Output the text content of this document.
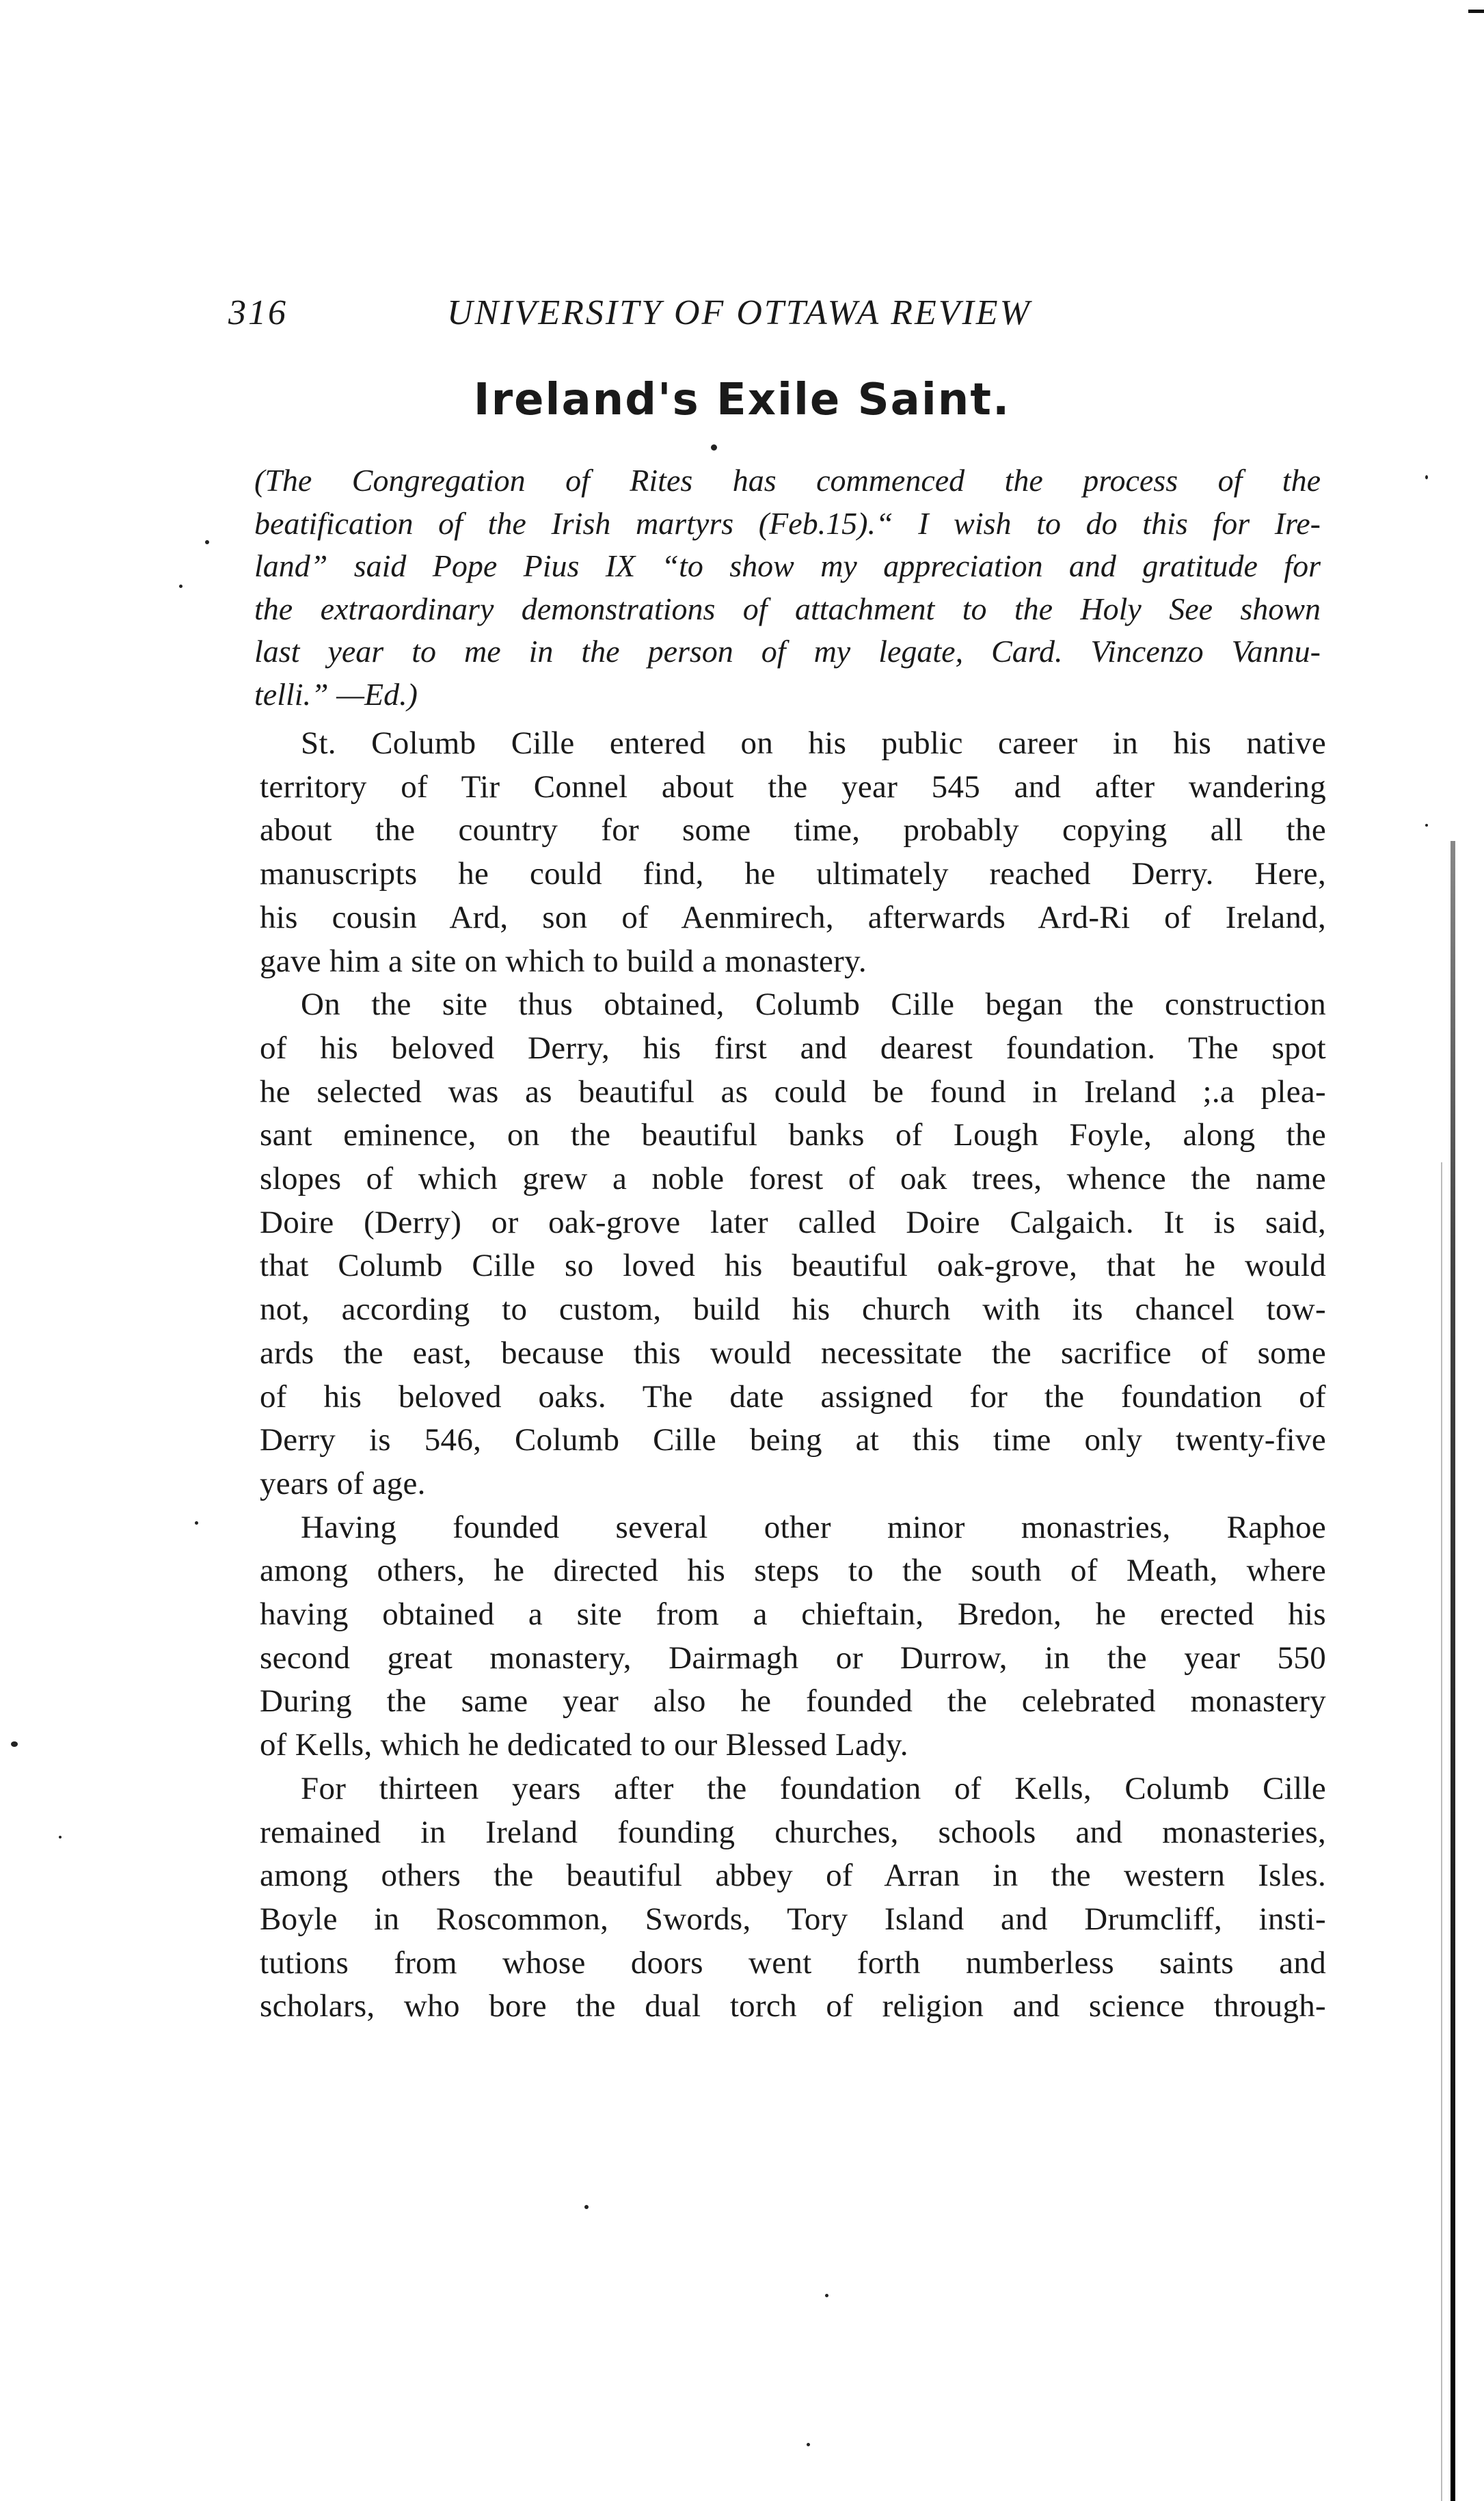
316	UNIVERSITY OF OTTAWA REVIEW
Ireland's Exile Saint.
(The Congregation of Rites has commenced the process of the
beatification of the Irish martyrs (Feb.15).“ I wish to do this for Ire-
land” said Pope Pius IX “to show my appreciation and gratitude for
the extraordinary demonstrations of attachment to the Holy See shown
last year to me in the person of my legate, Card. Vincenzo Vannu-
telli.” —Ed.)
St. Columb Cille entered on his public career in his native
territory of Tir Connel about the year 545 and after wandering
about the country for some time, probably copying all the
manuscripts he could find, he ultimately reached Derry. Here,
his cousin Ard, son of Aenmirech, afterwards Ard-Ri of Ireland,
gave him a site on which to build a monastery.
On the site thus obtained, Columb Cille began the construction
of his beloved Derry, his first and dearest foundation. The spot
he selected was as beautiful as could be found in Ireland ;.a plea-
sant eminence, on the beautiful banks of Lough Foyle, along the
slopes of which grew a noble forest of oak trees, whence the name
Doire (Derry) or oak-grove later called Doire Calgaich. It is said,
that Columb Cille so loved his beautiful oak-grove, that he would
not, according to custom, build his church with its chancel tow-
ards the east, because this would necessitate the sacrifice of some
of his beloved oaks. The date assigned for the foundation of
Derry is 546, Columb Cille being at this time only twenty-five
years of age.
Having founded several other minor monastries, Raphoe
among others, he directed his steps to the south of Meath, where
having obtained a site from a chieftain, Bredon, he erected his
second great monastery, Dairmagh or Durrow, in the year 550
During the same year also he founded the celebrated monastery
of Kells, which he dedicated to our Blessed Lady.
For thirteen years after the foundation of Kells, Columb Cille
remained in Ireland founding churches, schools and monasteries,
among others the beautiful abbey of Arran in the western Isles.
Boyle in Roscommon, Swords, Tory Island and Drumcliff, insti-
tutions from whose doors went forth numberless saints and
scholars, who bore the dual torch of religion and science through-
